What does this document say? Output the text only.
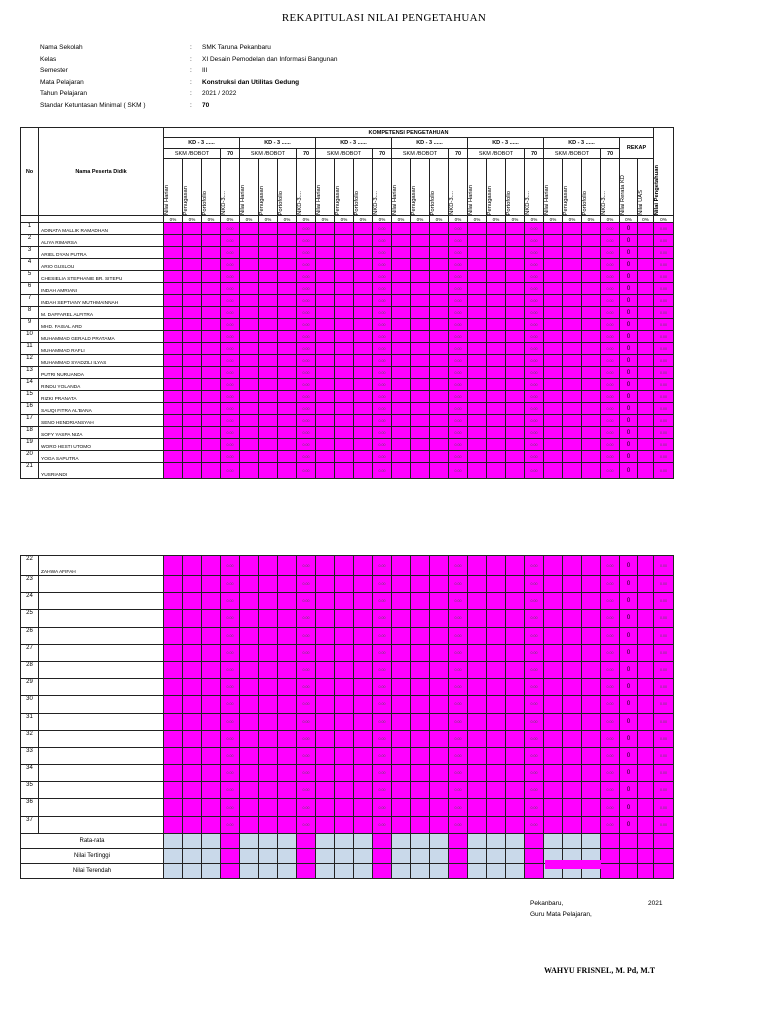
REKAPITULASI NILAI PENGETAHUAN
Nama Sekolah	:	SMK Taruna Pekanbaru
Kelas	:	XI Desain Pemodelan dan Informasi Bangunan
Semester	:	III
Mata Pelajaran	:	Konstruksi dan Utilitas Gedung
Tahun Pelajaran	:	2021 / 2022
Standar Ketuntasan Minimal ( SKM )	:	70
No	Nama Peserta Didik	KOMPETENSI PENGETAHUAN																										Nilai Pengetahuan

		KD - 3 ......				KD - 3 ......				KD - 3 ......				KD - 3 ......				KD - 3 ......				KD - 3 ......				REKAP		
		SKM /BOBOT			70	SKM /BOBOT			70	SKM /BOBOT			70	SKM /BOBOT			70	SKM /BOBOT			70	SKM /BOBOT			70			

		Nilai Harian	Penugasan	Portofolio	NKD-3....	Nilai Harian	Penugasan	Portofolio	NKD-3....	Nilai Harian	Penugasan	Portofolio	NKD-3....	Nilai Harian	Penugasan	Portofolio	NKD-3....	Nilai Harian	Penugasan	Portofolio	NKD-3....	Nilai Harian	Penugasan	Portofolio	NKD-3....	Nilai Rerata KD	Nilai UAS	

		0%	0%	0%	0%	0%	0%	0%	0%	0%	0%	0%	0%	0%	0%	0%	0%	0%	0%	0%	0%	0%	0%	0%	0%	0%	0%	0%
1	ADINATA MALLIK RAMADHAN				0.00				0.00				0.00				0.00				0.00				0.00	0		0.00
2	ALIYA RIMARSA				0.00				0.00				0.00				0.00				0.00				0.00	0		0.00
3	ARIEL DYAN PUTRA				0.00				0.00				0.00				0.00				0.00				0.00	0		0.00
4	ARIO GUSLOU				0.00				0.00				0.00				0.00				0.00				0.00	0		0.00
5	CHESIELIA STEPHANIE BR. SITEPU				0.00				0.00				0.00				0.00				0.00				0.00	0		0.00
6	INDAH AMRIANI				0.00				0.00				0.00				0.00				0.00				0.00	0		0.00
7	INDAH SEPTIANY MUTHMAINNAH				0.00				0.00				0.00				0.00				0.00				0.00	0		0.00
8	M. DAFFAREL ALFITRA				0.00				0.00				0.00				0.00				0.00				0.00	0		0.00
9	MHD. FAISAL ARD				0.00				0.00				0.00				0.00				0.00				0.00	0		0.00
10	MUHAMMAD GERALD PRATAMA				0.00				0.00				0.00				0.00				0.00				0.00	0		0.00
11	MUHAMMAD RAFLI				0.00				0.00				0.00				0.00				0.00				0.00	0		0.00
12	MUHAMMAD SYADZILI ILYAS				0.00				0.00				0.00				0.00				0.00				0.00	0		0.00
13	PUTRI NURUANDA				0.00				0.00				0.00				0.00				0.00				0.00	0		0.00
14	RINDU YOLANDA				0.00				0.00				0.00				0.00				0.00				0.00	0		0.00
15	RIZKI PRANATA				0.00				0.00				0.00				0.00				0.00				0.00	0		0.00
16	SAUQI FITRA AL'BANA				0.00				0.00				0.00				0.00				0.00				0.00	0		0.00
17	SENO HENDRIANSYAH				0.00				0.00				0.00				0.00				0.00				0.00	0		0.00
18	SOFY YASPA NIZA				0.00				0.00				0.00				0.00				0.00				0.00	0		0.00
19	WORO HESTI UTOMO				0.00				0.00				0.00				0.00				0.00				0.00	0		0.00
20	YOGA SAPUTRA				0.00				0.00				0.00				0.00				0.00				0.00	0		0.00
21	YUSRIANDI				0.00				0.00				0.00				0.00				0.00				0.00	0		0.00
22	ZAHWA AFIFAH				0.00				0.00				0.00				0.00				0.00				0.00	0		0.00
23					0.00				0.00				0.00				0.00				0.00				0.00	0		0.00
24					0.00				0.00				0.00				0.00				0.00				0.00	0		0.00
25					0.00				0.00				0.00				0.00				0.00				0.00	0		0.00
26					0.00				0.00				0.00				0.00				0.00				0.00	0		0.00
27					0.00				0.00				0.00				0.00				0.00				0.00	0		0.00
28					0.00				0.00				0.00				0.00				0.00				0.00	0		0.00
29					0.00				0.00				0.00				0.00				0.00				0.00	0		0.00
30					0.00				0.00				0.00				0.00				0.00				0.00	0		0.00
31					0.00				0.00				0.00				0.00				0.00				0.00	0		0.00
32					0.00				0.00				0.00				0.00				0.00				0.00	0		0.00
33					0.00				0.00				0.00				0.00				0.00				0.00	0		0.00
34					0.00				0.00				0.00				0.00				0.00				0.00	0		0.00
35					0.00				0.00				0.00				0.00				0.00				0.00	0		0.00
36					0.00				0.00				0.00				0.00				0.00				0.00	0		0.00
37					0.00				0.00				0.00				0.00				0.00				0.00	0		0.00
Rata-rata																												
Nilai Tertinggi																												
Nilai Terendah																												
Pekanbaru,	2021
Guru Mata Pelajaran,
WAHYU FRISNEL, M. Pd, M.T
